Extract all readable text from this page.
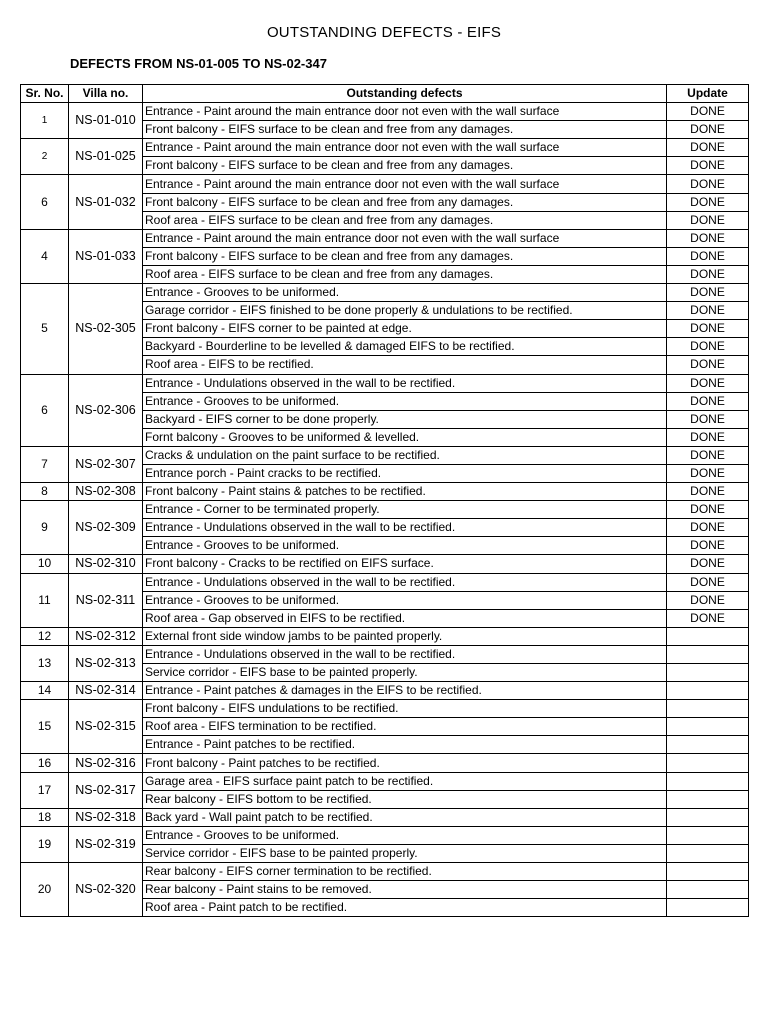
OUTSTANDING DEFECTS - EIFS
DEFECTS FROM NS-01-005 TO NS-02-347
Sr. No.	Villa no.	Outstanding defects	Update
1	NS-01-010	Entrance - Paint around the main entrance door not even with the wall surface	DONE
		Front balcony - EIFS surface to be clean and free from any damages.	DONE
2	NS-01-025	Entrance - Paint around the main entrance door not even with the wall surface	DONE
		Front balcony - EIFS surface to be clean and free from any damages.	DONE
6	NS-01-032	Entrance - Paint around the main entrance door not even with the wall surface	DONE
		Front balcony - EIFS surface to be clean and free from any damages.	DONE
		Roof area - EIFS surface to be clean and free from any damages.	DONE
4	NS-01-033	Entrance - Paint around the main entrance door not even with the wall surface	DONE
		Front balcony - EIFS surface to be clean and free from any damages.	DONE
		Roof area - EIFS surface to be clean and free from any damages.	DONE
5	NS-02-305	Entrance - Grooves to be uniformed.	DONE
		Garage corridor - EIFS finished to be done properly & undulations to be rectified.	DONE
		Front balcony - EIFS corner to be painted at edge.	DONE
		Backyard - Bourderline to be levelled & damaged EIFS to be rectified.	DONE
		Roof area - EIFS to be rectified.	DONE
6	NS-02-306	Entrance - Undulations observed in the wall to be rectified.	DONE
		Entrance - Grooves to be uniformed.	DONE
		Backyard - EIFS corner to be done properly.	DONE
		Fornt balcony - Grooves to be uniformed & levelled.	DONE
7	NS-02-307	Cracks & undulation on the paint surface to be rectified.	DONE
		Entrance porch - Paint cracks to be rectified.	DONE
8	NS-02-308	Front balcony - Paint stains & patches to be rectified.	DONE
9	NS-02-309	Entrance - Corner to be terminated properly.	DONE
		Entrance - Undulations observed in the wall to be rectified.	DONE
		Entrance - Grooves to be uniformed.	DONE
10	NS-02-310	Front balcony - Cracks to be rectified on EIFS surface.	DONE
11	NS-02-311	Entrance - Undulations observed in the wall to be rectified.	DONE
		Entrance - Grooves to be uniformed.	DONE
		Roof area - Gap observed in EIFS to be rectified.	DONE
12	NS-02-312	External front side window jambs to be painted properly.	
13	NS-02-313	Entrance - Undulations observed in the wall to be rectified.	
		Service corridor - EIFS base to be painted properly.	
14	NS-02-314	Entrance - Paint patches & damages in the EIFS to be rectified.	
15	NS-02-315	Front balcony - EIFS undulations to be rectified.	
		Roof area - EIFS termination to be rectified.	
		Entrance - Paint patches to be rectified.	
16	NS-02-316	Front balcony - Paint patches to be rectified.	
17	NS-02-317	Garage area - EIFS surface paint patch to be rectified.	
		Rear balcony - EIFS bottom to be rectified.	
18	NS-02-318	Back yard - Wall paint patch to be rectified.	
19	NS-02-319	Entrance - Grooves to be uniformed.	
		Service corridor - EIFS base to be painted properly.	
20	NS-02-320	Rear balcony - EIFS corner termination to be rectified.	
		Rear balcony - Paint stains to be removed.	
		Roof area - Paint patch to be rectified.	
